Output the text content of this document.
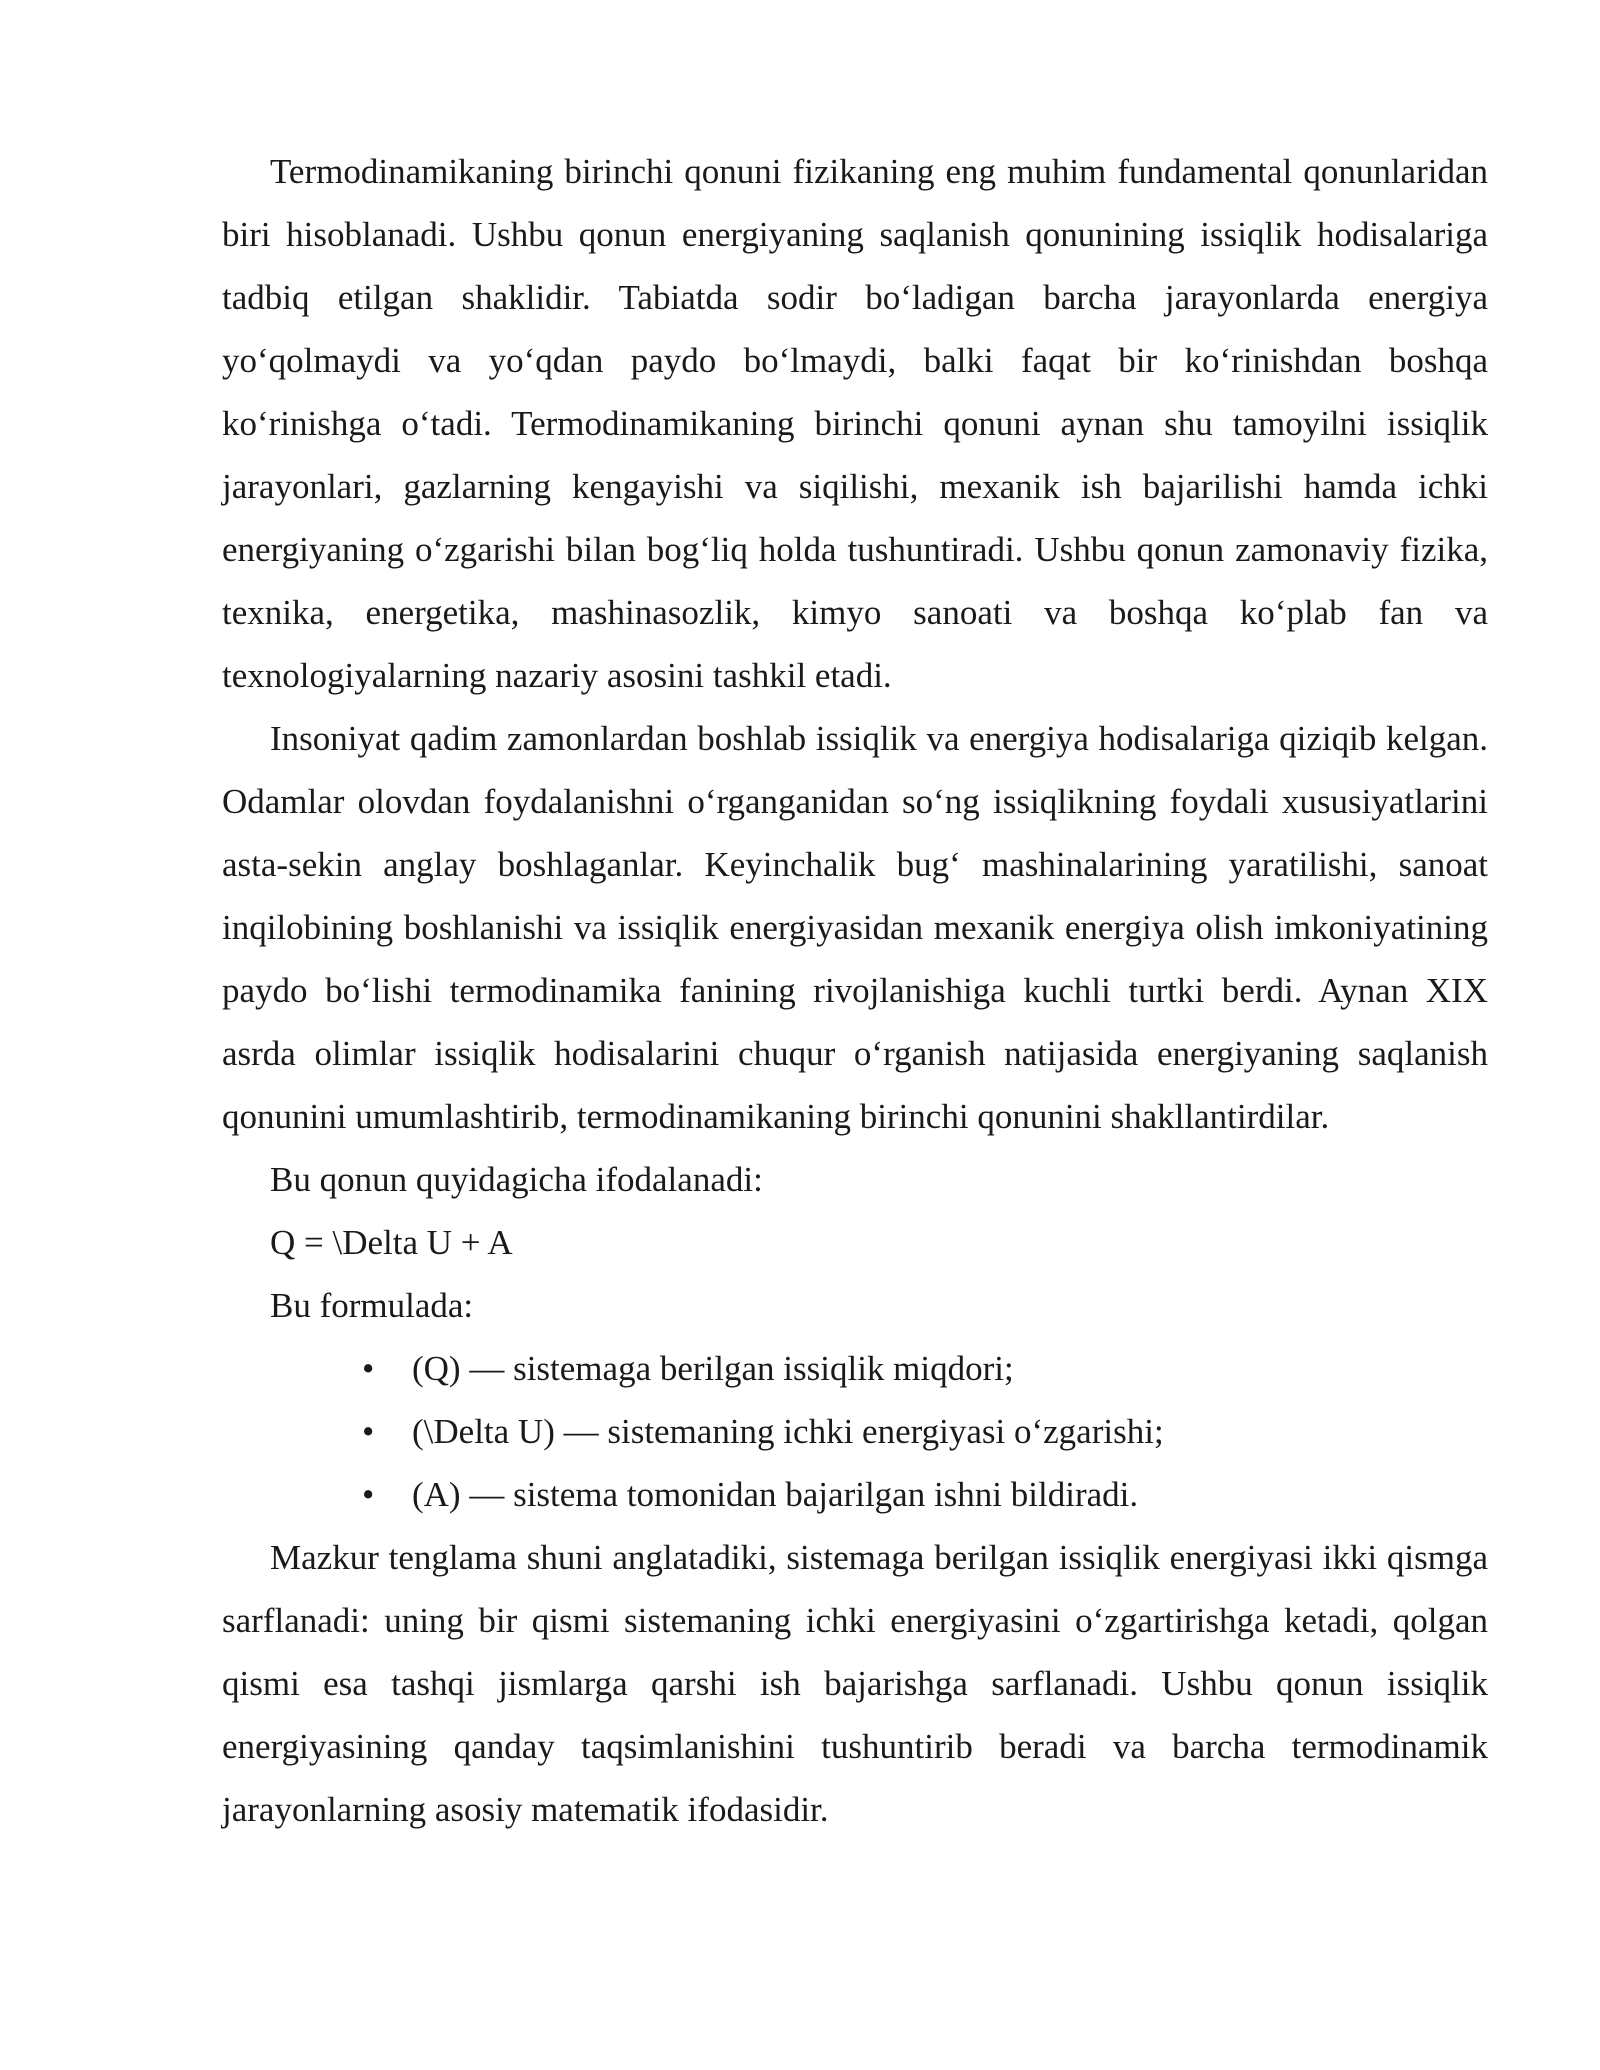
Termodinamikaning birinchi qonuni fizikaning eng muhim fundamental qonunlaridan biri hisoblanadi. Ushbu qonun energiyaning saqlanish qonunining issiqlik hodisalariga tadbiq etilgan shaklidir. Tabiatda sodir bo‘ladigan barcha jarayonlarda energiya yo‘qolmaydi va yo‘qdan paydo bo‘lmaydi, balki faqat bir ko‘rinishdan boshqa ko‘rinishga o‘tadi. Termodinamikaning birinchi qonuni aynan shu tamoyilni issiqlik jarayonlari, gazlarning kengayishi va siqilishi, mexanik ish bajarilishi hamda ichki energiyaning o‘zgarishi bilan bog‘liq holda tushuntiradi. Ushbu qonun zamonaviy fizika, texnika, energetika, mashinasozlik, kimyo sanoati va boshqa ko‘plab fan va texnologiyalarning nazariy asosini tashkil etadi.

Insoniyat qadim zamonlardan boshlab issiqlik va energiya hodisalariga qiziqib kelgan. Odamlar olovdan foydalanishni o‘rganganidan so‘ng issiqlikning foydali xususiyatlarini asta-sekin anglay boshlaganlar. Keyinchalik bug‘ mashinalarining yaratilishi, sanoat inqilobining boshlanishi va issiqlik energiyasidan mexanik energiya olish imkoniyatining paydo bo‘lishi termodinamika fanining rivojlanishiga kuchli turtki berdi. Aynan XIX asrda olimlar issiqlik hodisalarini chuqur o‘rganish natijasida energiyaning saqlanish qonunini umumlashtirib, termodinamikaning birinchi qonunini shakllantirdilar.

Bu qonun quyidagicha ifodalanadi:

Q = \Delta U + A

Bu formulada:

•	(Q) — sistemaga berilgan issiqlik miqdori;
•	(\Delta U) — sistemaning ichki energiyasi o‘zgarishi;
•	(A) — sistema tomonidan bajarilgan ishni bildiradi.

Mazkur tenglama shuni anglatadiki, sistemaga berilgan issiqlik energiyasi ikki qismga sarflanadi: uning bir qismi sistemaning ichki energiyasini o‘zgartirishga ketadi, qolgan qismi esa tashqi jismlarga qarshi ish bajarishga sarflanadi. Ushbu qonun issiqlik energiyasining qanday taqsimlanishini tushuntirib beradi va barcha termodinamik jarayonlarning asosiy matematik ifodasidir.
